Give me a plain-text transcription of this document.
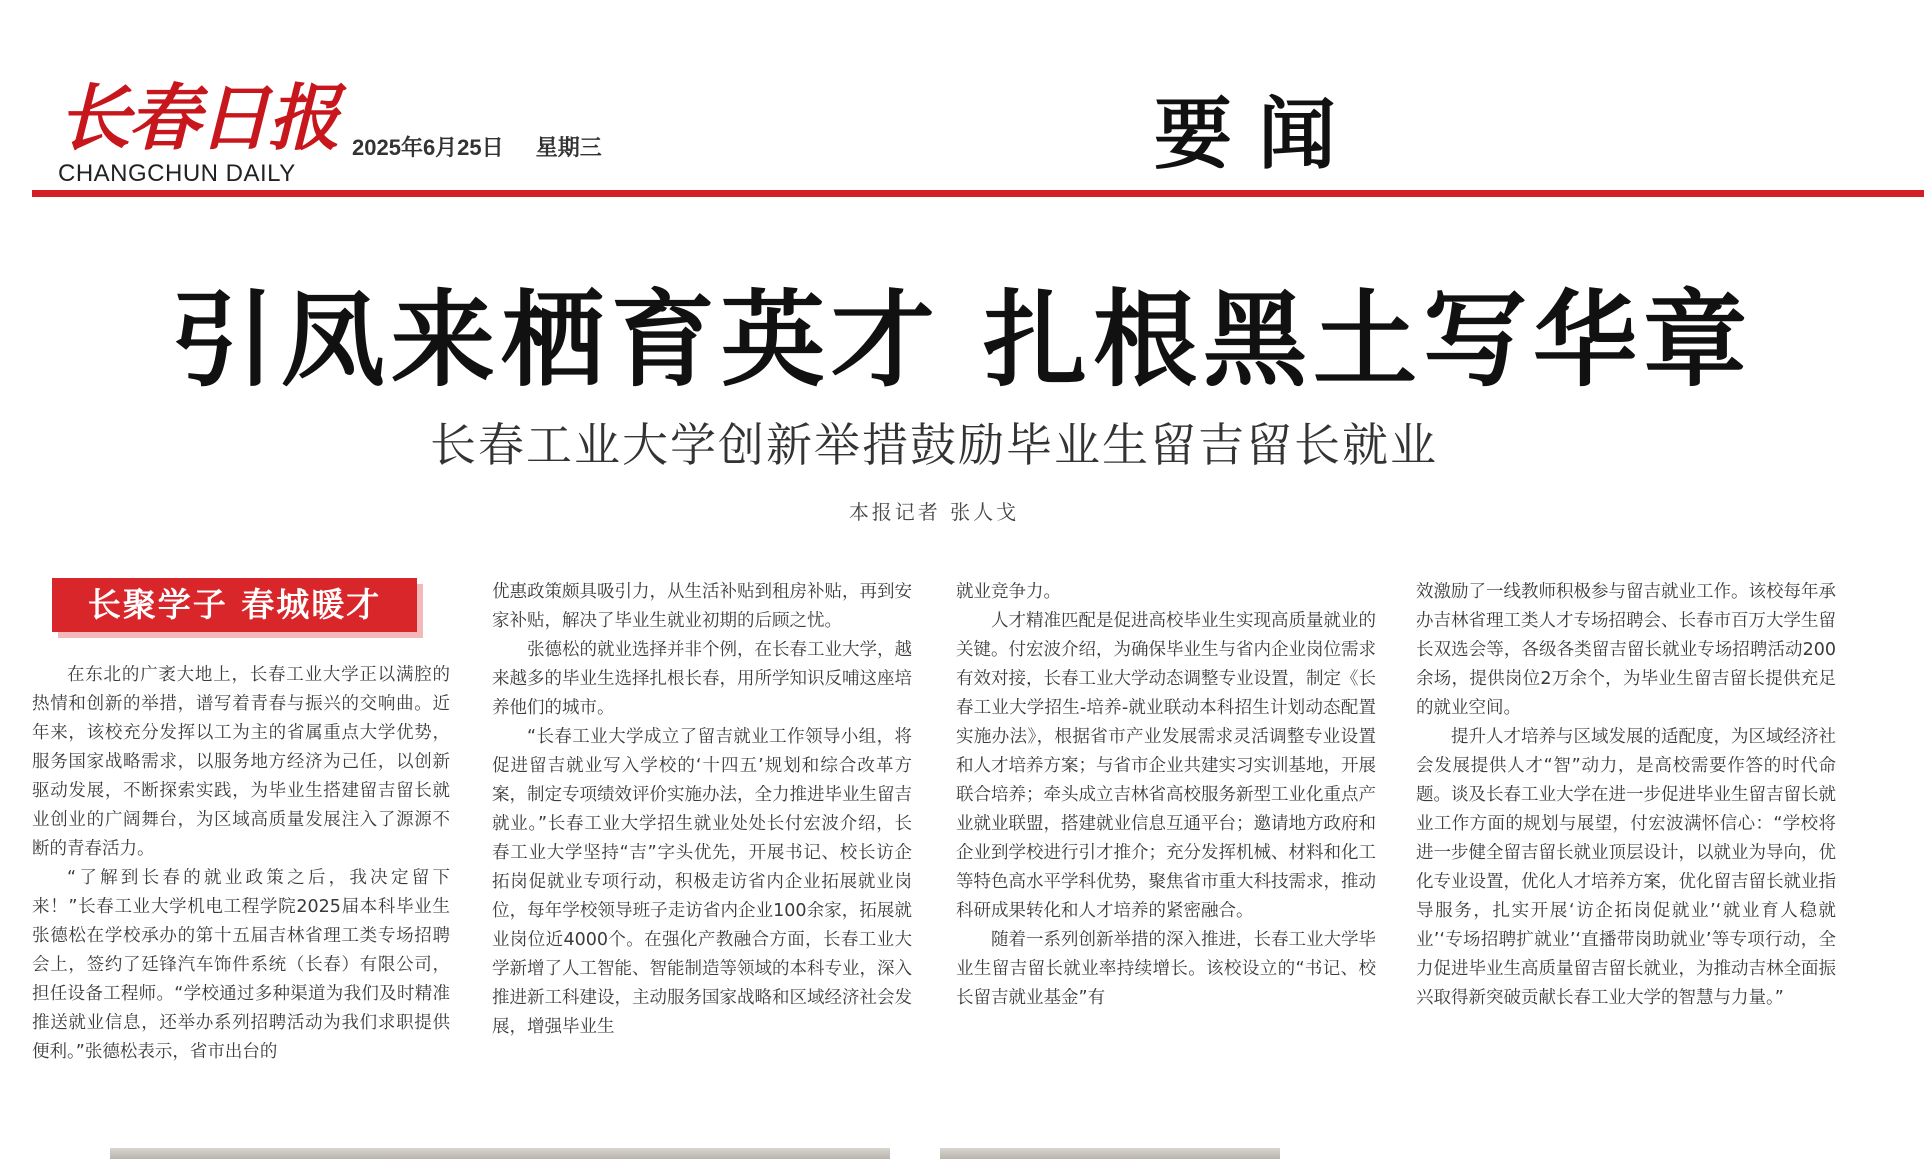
长春日报
CHANGCHUN DAILY
2025年6月25日 星期三	要闻
引凤来栖育英才 扎根黑土写华章
长春工业大学创新举措鼓励毕业生留吉留长就业
本报记者 张人戈
长聚学子 春城暖才

在东北的广袤大地上，长春工业大学正以满腔的热情和创新的举措，谱写着青春与振兴的交响曲。近年来，该校充分发挥以工为主的省属重点大学优势，服务国家战略需求，以服务地方经济为己任，以创新驱动发展，不断探索实践，为毕业生搭建留吉留长就业创业的广阔舞台，为区域高质量发展注入了源源不断的青春活力。

“了解到长春的就业政策之后，我决定留下来！”长春工业大学机电工程学院2025届本科毕业生张德松在学校承办的第十五届吉林省理工类专场招聘会上，签约了廷锋汽车饰件系统（长春）有限公司，担任设备工程师。“学校通过多种渠道为我们及时精准推送就业信息，还举办系列招聘活动为我们求职提供便利。”张德松表示，省市出台的

优惠政策颇具吸引力，从生活补贴到租房补贴，再到安家补贴，解决了毕业生就业初期的后顾之忧。

张德松的就业选择并非个例，在长春工业大学，越来越多的毕业生选择扎根长春，用所学知识反哺这座培养他们的城市。

“长春工业大学成立了留吉就业工作领导小组，将促进留吉就业写入学校的‘十四五’规划和综合改革方案，制定专项绩效评价实施办法，全力推进毕业生留吉就业。”长春工业大学招生就业处处长付宏波介绍，长春工业大学坚持“吉”字头优先，开展书记、校长访企拓岗促就业专项行动，积极走访省内企业拓展就业岗位，每年学校领导班子走访省内企业100余家，拓展就业岗位近4000个。在强化产教融合方面，长春工业大学新增了人工智能、智能制造等领域的本科专业，深入推进新工科建设，主动服务国家战略和区域经济社会发展，增强毕业生

就业竞争力。

人才精准匹配是促进高校毕业生实现高质量就业的关键。付宏波介绍，为确保毕业生与省内企业岗位需求有效对接，长春工业大学动态调整专业设置，制定《长春工业大学招生-培养-就业联动本科招生计划动态配置实施办法》，根据省市产业发展需求灵活调整专业设置和人才培养方案；与省市企业共建实习实训基地，开展联合培养；牵头成立吉林省高校服务新型工业化重点产业就业联盟，搭建就业信息互通平台；邀请地方政府和企业到学校进行引才推介；充分发挥机械、材料和化工等特色高水平学科优势，聚焦省市重大科技需求，推动科研成果转化和人才培养的紧密融合。

随着一系列创新举措的深入推进，长春工业大学毕业生留吉留长就业率持续增长。该校设立的“书记、校长留吉就业基金”有

效激励了一线教师积极参与留吉就业工作。该校每年承办吉林省理工类人才专场招聘会、长春市百万大学生留长双选会等，各级各类留吉留长就业专场招聘活动200余场，提供岗位2万余个，为毕业生留吉留长提供充足的就业空间。

提升人才培养与区域发展的适配度，为区域经济社会发展提供人才“智”动力，是高校需要作答的时代命题。谈及长春工业大学在进一步促进毕业生留吉留长就业工作方面的规划与展望，付宏波满怀信心：“学校将进一步健全留吉留长就业顶层设计，以就业为导向，优化专业设置，优化人才培养方案，优化留吉留长就业指导服务，扎实开展‘访企拓岗促就业’‘就业育人稳就业’‘专场招聘扩就业’‘直播带岗助就业’等专项行动，全力促进毕业生高质量留吉留长就业，为推动吉林全面振兴取得新突破贡献长春工业大学的智慧与力量。”
